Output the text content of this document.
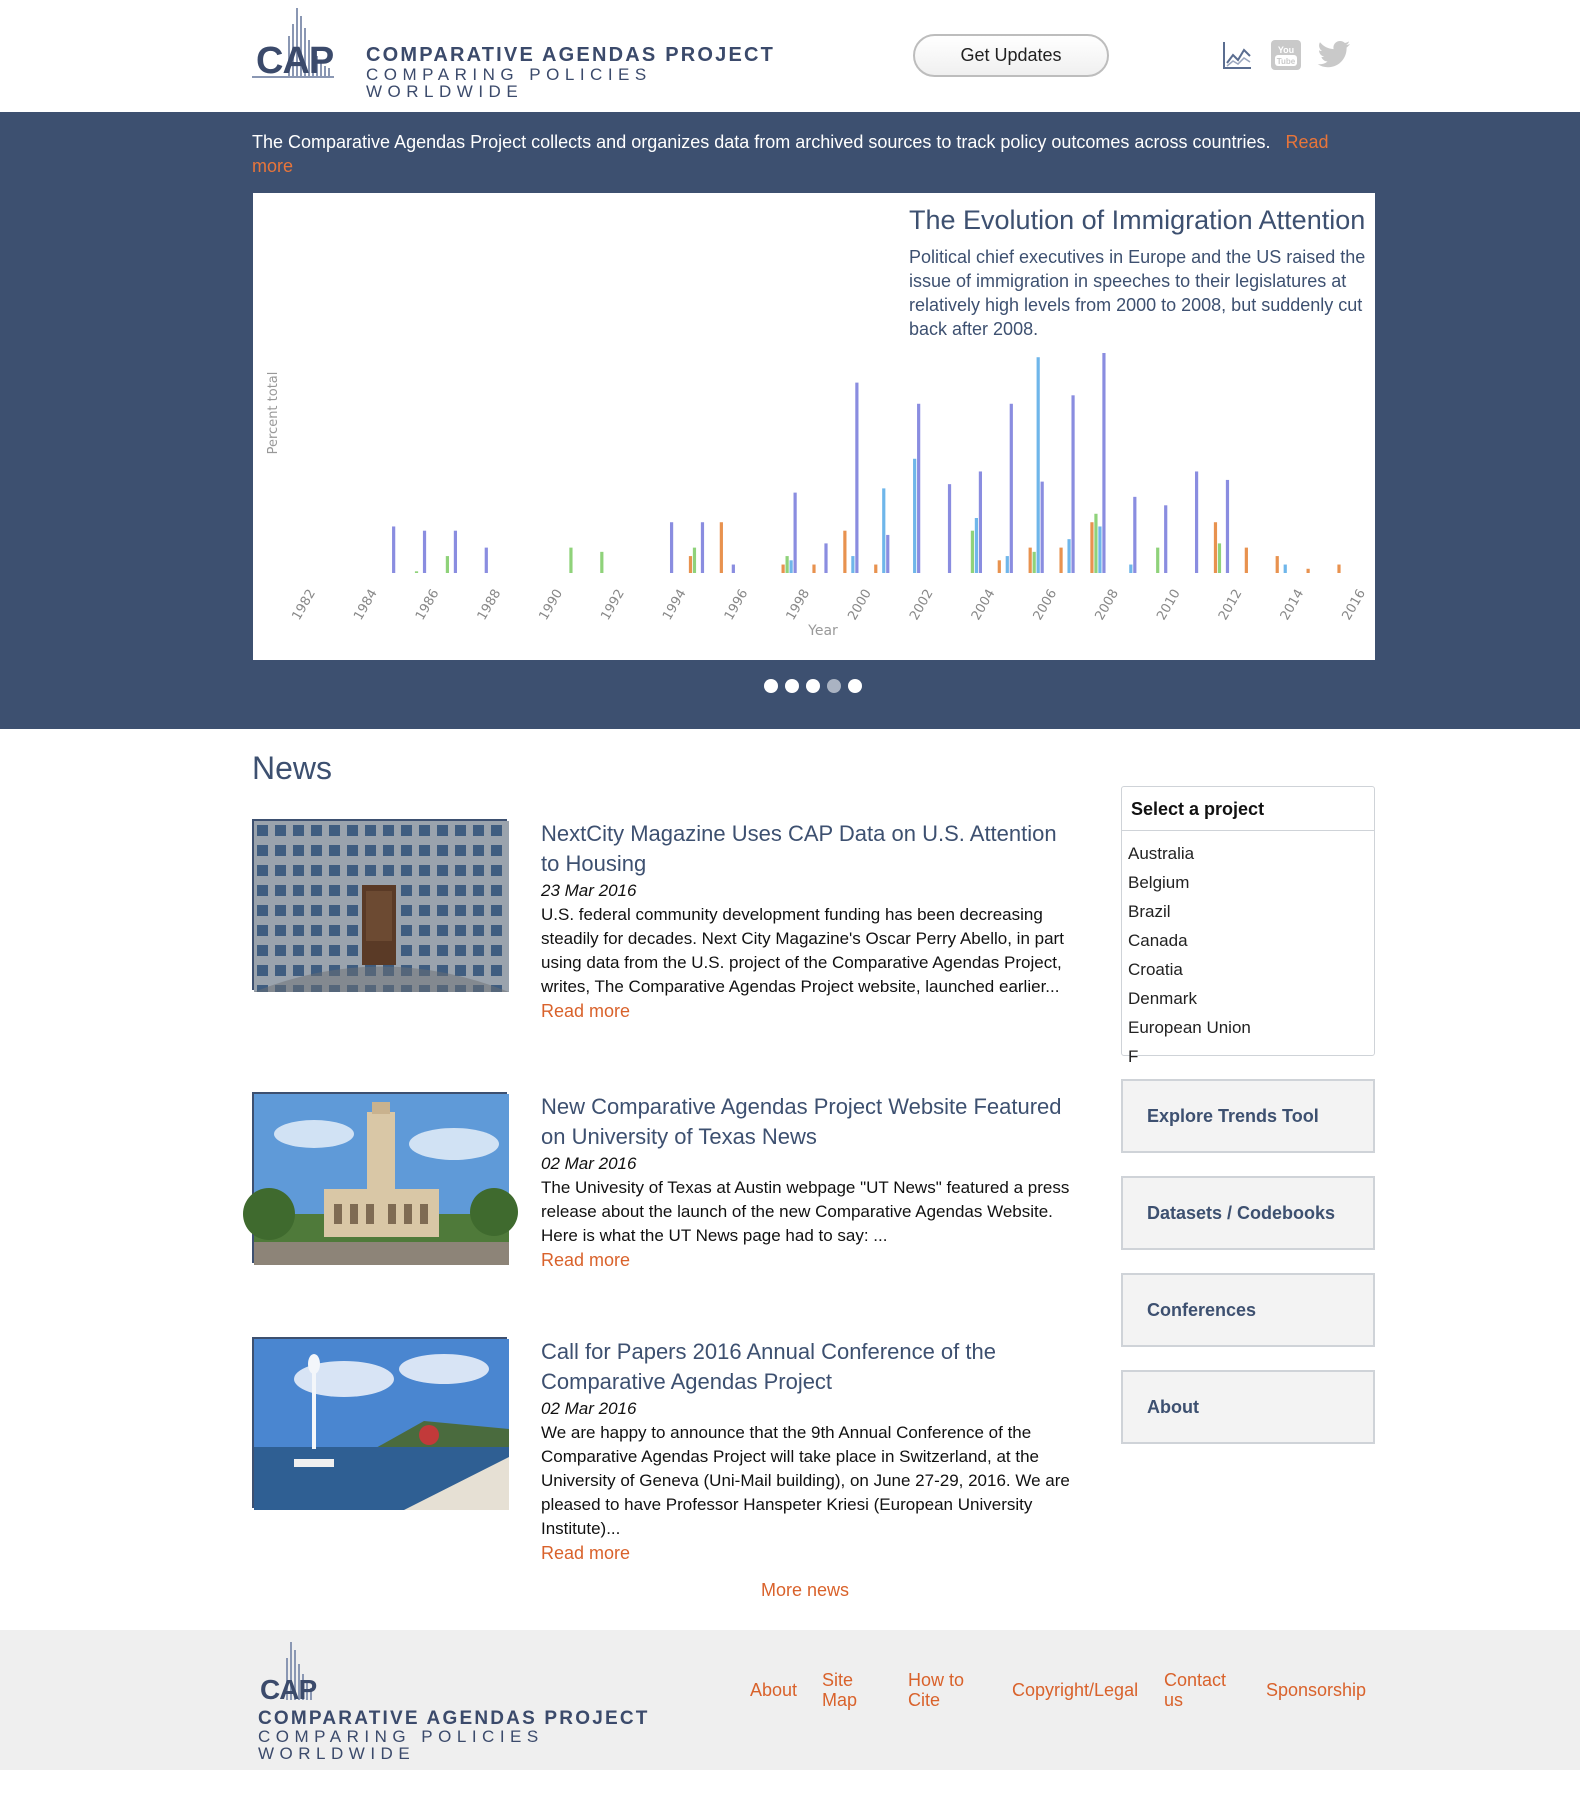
CAP COMPARATIVE AGENDAS PROJECT
COMPARING POLICIES WORLDWIDE
Get Updates	You
Tube
The Comparative Agendas Project collects and organizes data from archived sources to track policy outcomes across countries. Read more
Percent total
1982 1984 1986 1988 1990 1992 1994 1996 1998 2000 2002 2004 2006 2008 2010 2012 2014 2016
Year
The Evolution of Immigration Attention
Political chief executives in Europe and the US raised the issue of immigration in speeches to their legislatures at relatively high levels from 2000 to 2008, but suddenly cut back after 2008.
News
NextCity Magazine Uses CAP Data on U.S. Attention to Housing
23 Mar 2016
U.S. federal community development funding has been decreasing steadily for decades. Next City Magazine's Oscar Perry Abello, in part using data from the U.S. project of the Comparative Agendas Project, writes, The Comparative Agendas Project website, launched earlier...
Read more
New Comparative Agendas Project Website Featured on University of Texas News
02 Mar 2016
The Univesity of Texas at Austin webpage "UT News" featured a press release about the launch of the new Comparative Agendas Website. Here is what the UT News page had to say: ...
Read more
Call for Papers 2016 Annual Conference of the Comparative Agendas Project
02 Mar 2016
We are happy to announce that the 9th Annual Conference of the Comparative Agendas Project will take place in Switzerland, at the University of Geneva (Uni-Mail building), on June 27-29, 2016. We are pleased to have Professor Hanspeter Kriesi (European University Institute)...
Read more
More news
Select a project
Australia
Belgium
Brazil
Canada
Croatia
Denmark
European Union
F
Explore Trends Tool
Datasets / Codebooks
Conferences
About
CAP
COMPARATIVE AGENDAS PROJECT
COMPARING POLICIES WORLDWIDE
About Site Map
How to Cite	Copyright/Legal Contact us	Sponsorship
